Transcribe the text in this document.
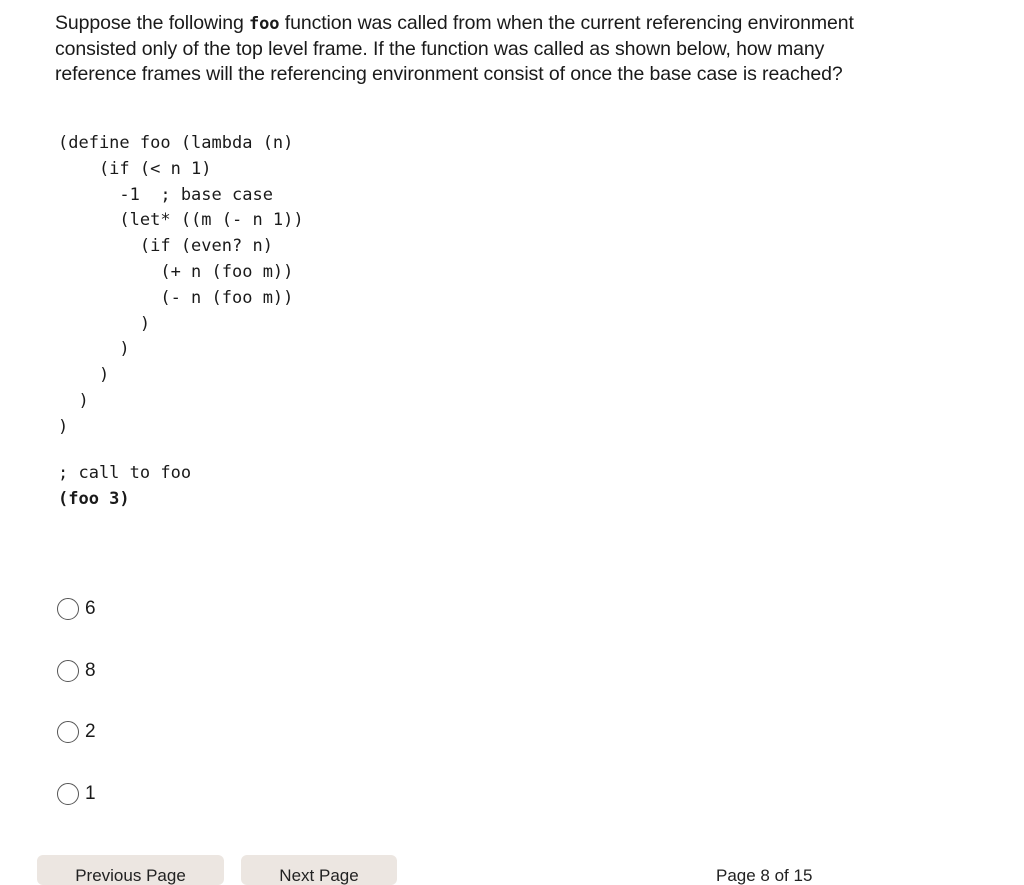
Suppose the following foo function was called from when the current referencing environment consisted only of the top level frame. If the function was called as shown below, how many reference frames will the referencing environment consist of once the base case is reached?
(define foo (lambda (n)
(if (< n 1)
-1  ; base case
(let* ((m (- n 1))
(if (even? n)
(+ n (foo m))
(- n (foo m))
)
)
)
)
)
; call to foo
(foo 3)
6
8
2
1
Previous Page	Next Page	Page 8 of 15
